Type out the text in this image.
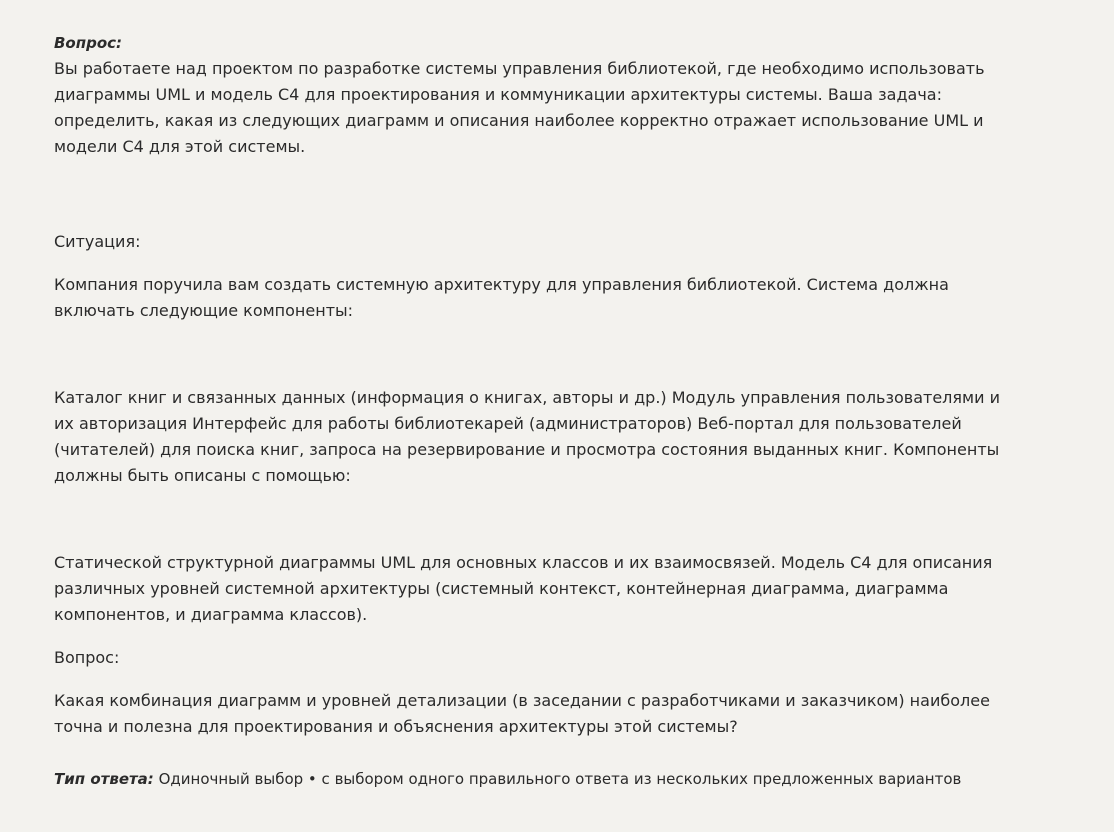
Вопрос:

Вы работаете над проектом по разработке системы управления библиотекой, где необходимо использовать диаграммы UML и модель C4 для проектирования и коммуникации архитектуры системы. Ваша задача: определить, какая из следующих диаграмм и описания наиболее корректно отражает использование UML и модели C4 для этой системы.

Ситуация:

Компания поручила вам создать системную архитектуру для управления библиотекой. Система должна включать следующие компоненты:

Каталог книг и связанных данных (информация о книгах, авторы и др.) Модуль управления пользователями и их авторизация Интерфейс для работы библиотекарей (администраторов) Веб-портал для пользователей (читателей) для поиска книг, запроса на резервирование и просмотра состояния выданных книг. Компоненты должны быть описаны с помощью:

Статической структурной диаграммы UML для основных классов и их взаимосвязей. Модель C4 для описания различных уровней системной архитектуры (системный контекст, контейнерная диаграмма, диаграмма компонентов, и диаграмма классов).

Вопрос:

Какая комбинация диаграмм и уровней детализации (в заседании с разработчиками и заказчиком) наиболее точна и полезна для проектирования и объяснения архитектуры этой системы?

Тип ответа: Одиночный выбор • с выбором одного правильного ответа из нескольких предложенных вариантов
